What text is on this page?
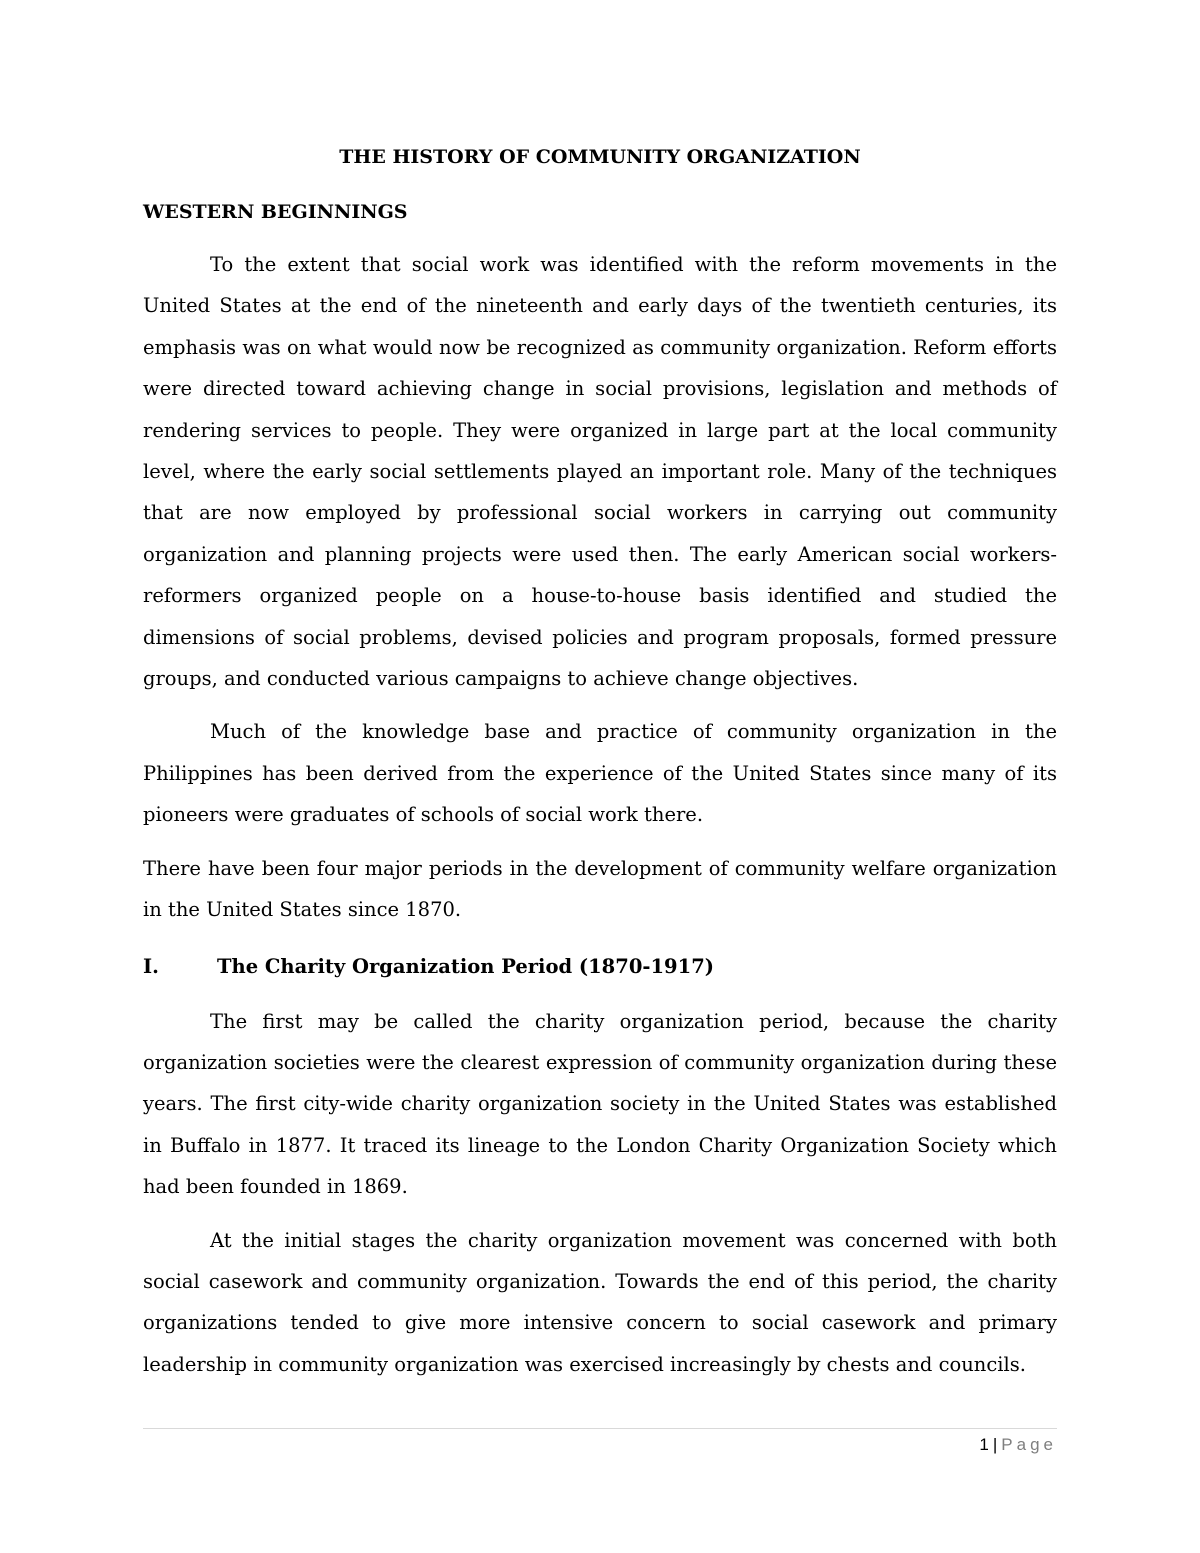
THE HISTORY OF COMMUNITY ORGANIZATION
WESTERN BEGINNINGS

To the extent that social work was identified with the reform movements in the United States at the end of the nineteenth and early days of the twentieth centuries, its emphasis was on what would now be recognized as community organization. Reform efforts were directed toward achieving change in social provisions, legislation and methods of rendering services to people. They were organized in large part at the local community level, where the early social settlements played an important role. Many of the techniques that are now employed by professional social workers in carrying out community organization and planning projects were used then. The early American social workers-reformers organized people on a house-to-house basis identified and studied the dimensions of social problems, devised policies and program proposals, formed pressure groups, and conducted various campaigns to achieve change objectives.

Much of the knowledge base and practice of community organization in the Philippines has been derived from the experience of the United States since many of its pioneers were graduates of schools of social work there.

There have been four major periods in the development of community welfare organization in the United States since 1870.

I.	The Charity Organization Period (1870-1917)

The first may be called the charity organization period, because the charity organization societies were the clearest expression of community organization during these years. The first city-wide charity organization society in the United States was established in Buffalo in 1877. It traced its lineage to the London Charity Organization Society which had been founded in 1869.

At the initial stages the charity organization movement was concerned with both social casework and community organization. Towards the end of this period, the charity organizations tended to give more intensive concern to social casework and primary leadership in community organization was exercised increasingly by chests and councils.

1 | Page
